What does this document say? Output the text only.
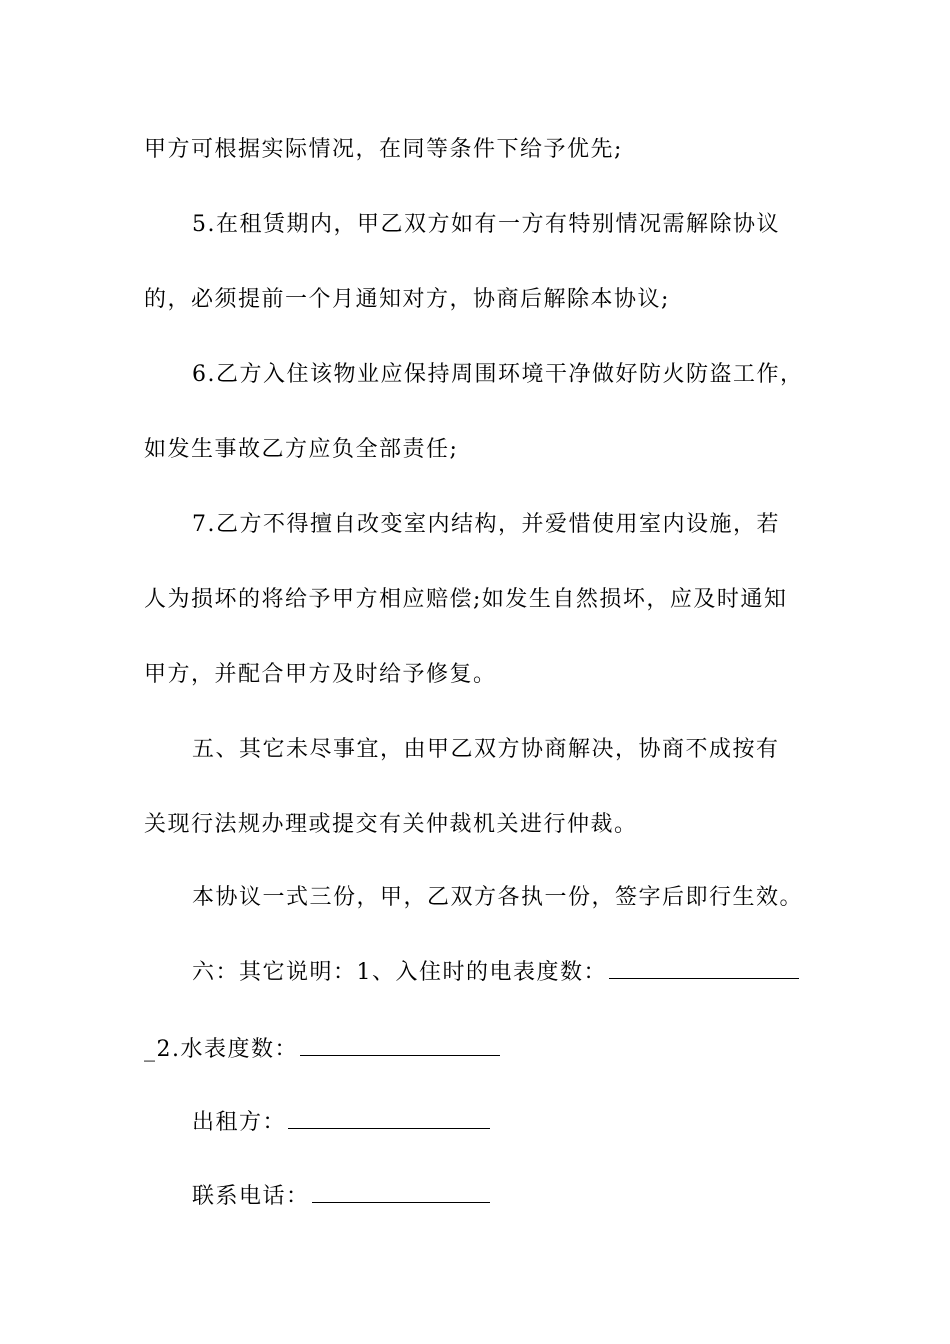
甲方可根据实际情况，在同等条件下给予优先;
5.在租赁期内，甲乙双方如有一方有特别情况需解除协议
的，必须提前一个月通知对方，协商后解除本协议;
6.乙方入住该物业应保持周围环境干净做好防火防盗工作，
如发生事故乙方应负全部责任;
7.乙方不得擅自改变室内结构，并爱惜使用室内设施，若
人为损坏的将给予甲方相应赔偿;如发生自然损坏，应及时通知
甲方，并配合甲方及时给予修复。
五、其它未尽事宜，由甲乙双方协商解决，协商不成按有
关现行法规办理或提交有关仲裁机关进行仲裁。
本协议一式三份，甲，乙双方各执一份，签字后即行生效。
六：其它说明：1、入住时的电表度数：
_2.水表度数：
出租方：
联系电话：
